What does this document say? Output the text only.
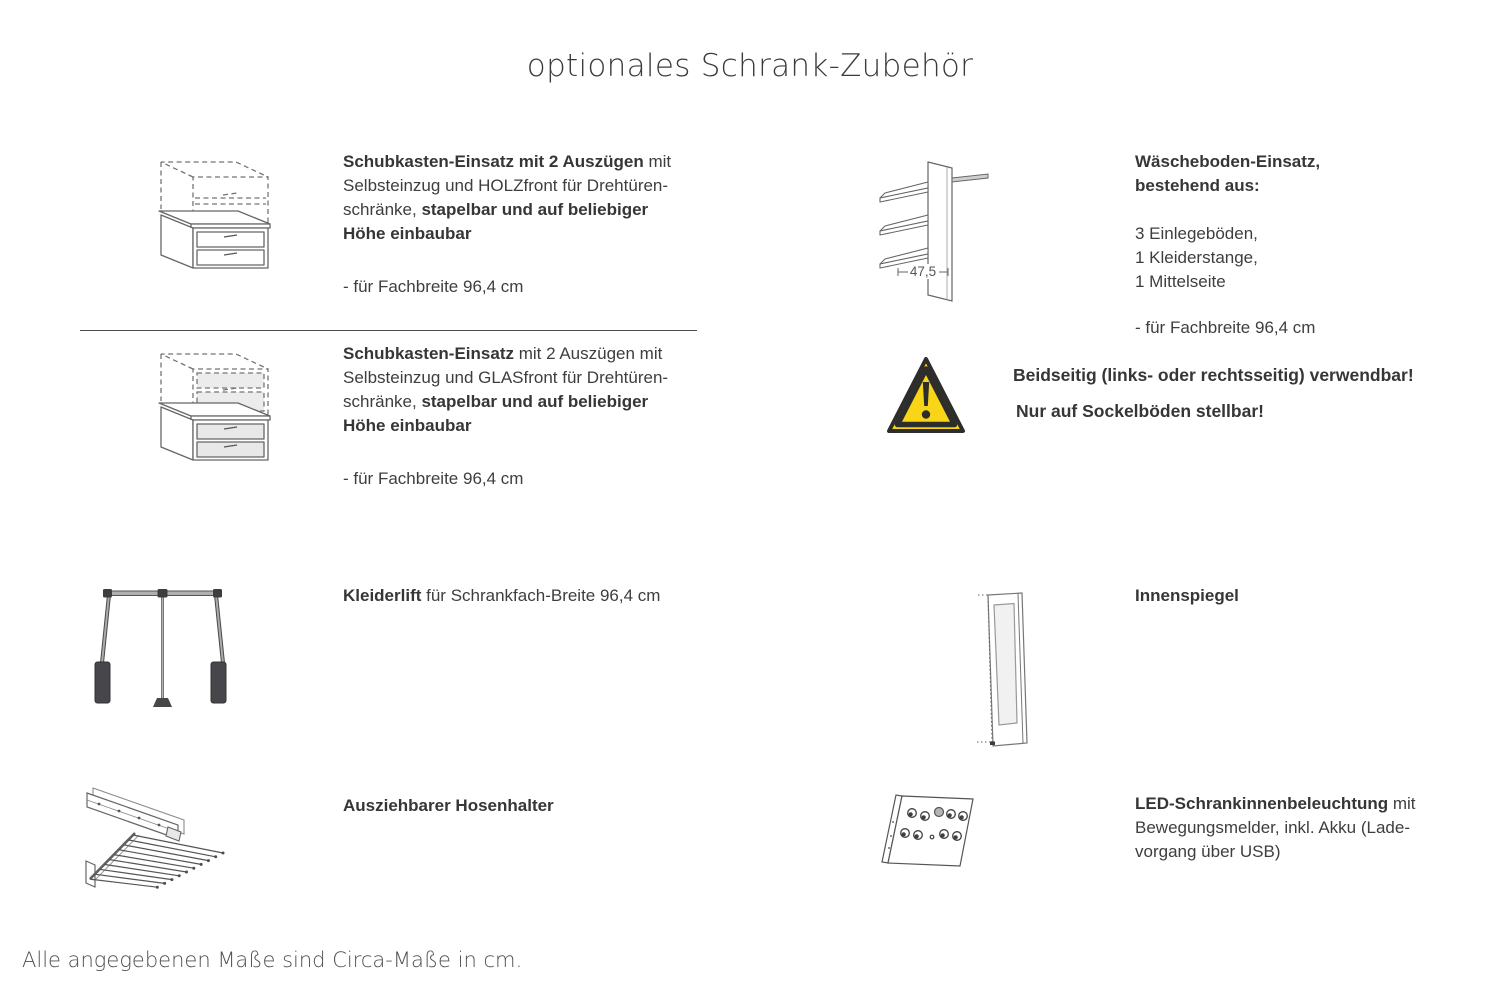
optionales Schrank-Zubehör
Schubkasten-Einsatz mit 2 Auszügen mit
Selbsteinzug und HOLZfront für Drehtüren-
schränke, stapelbar und auf beliebiger
Höhe einbaubar
- für Fachbreite 96,4 cm
Schubkasten-Einsatz mit 2 Auszügen mit
Selbsteinzug und GLASfront für Drehtüren-
schränke, stapelbar und auf beliebiger
Höhe einbaubar
- für Fachbreite 96,4 cm
Kleiderlift für Schrankfach-Breite 96,4 cm
Ausziehbarer Hosenhalter
47,5
Wäscheboden-Einsatz,
bestehend aus:
3 Einlegeböden,
1 Kleiderstange,
1 Mittelseite
- für Fachbreite 96,4 cm
Beidseitig (links- oder rechtsseitig) verwendbar!
Nur auf Sockelböden stellbar!
Innenspiegel
LED-Schrankinnenbeleuchtung mit
Bewegungsmelder, inkl. Akku (Lade-
vorgang über USB)
Alle angegebenen Maße sind Circa-Maße in cm.
